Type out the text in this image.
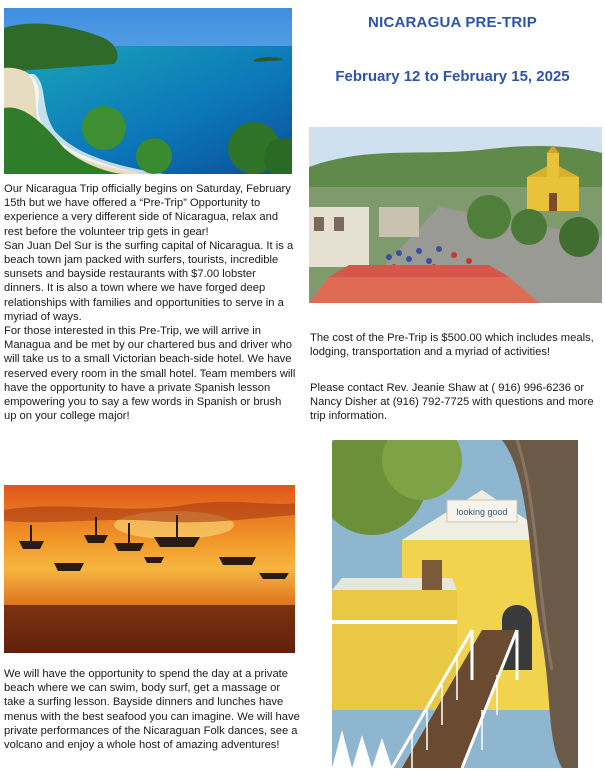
NICARAGUA PRE-TRIP
February 12 to February 15, 2025

Our Nicaragua Trip officially begins on Saturday, February 15th but we have offered a “Pre-Trip” Opportunity to experience a very different side of Nicaragua, relax and rest before the volunteer trip gets in gear!

San Juan Del Sur is the surfing capital of Nicaragua. It is a beach town jam packed with surfers, tourists, incredible sunsets and bayside restaurants with $7.00 lobster dinners. It is also a town where we have forged deep relationships with families and opportunities to serve in a myriad of ways.

For those interested in this Pre-Trip, we will arrive in Managua and be met by our chartered bus and driver who will take us to a small Victorian beach-side hotel. We have reserved every room in the small hotel. Team members will have the opportunity to have a private Spanish lesson empowering you to say a few words in Spanish or brush up on your college major!

The cost of the Pre-Trip is $500.00 which includes meals, lodging, transportation and a myriad of activities!

Please contact Rev. Jeanie Shaw at ( 916) 996-6236 or Nancy Disher at (916) 792-7725 with questions and more trip information.

looking good

We will have the opportunity to spend the day at a private beach where we can swim, body surf, get a massage or take a surfing lesson. Bayside dinners and lunches have menus with the best seafood you can imagine. We will have private performances of the Nicaraguan Folk dances, see a volcano and enjoy a whole host of amazing adventures!
